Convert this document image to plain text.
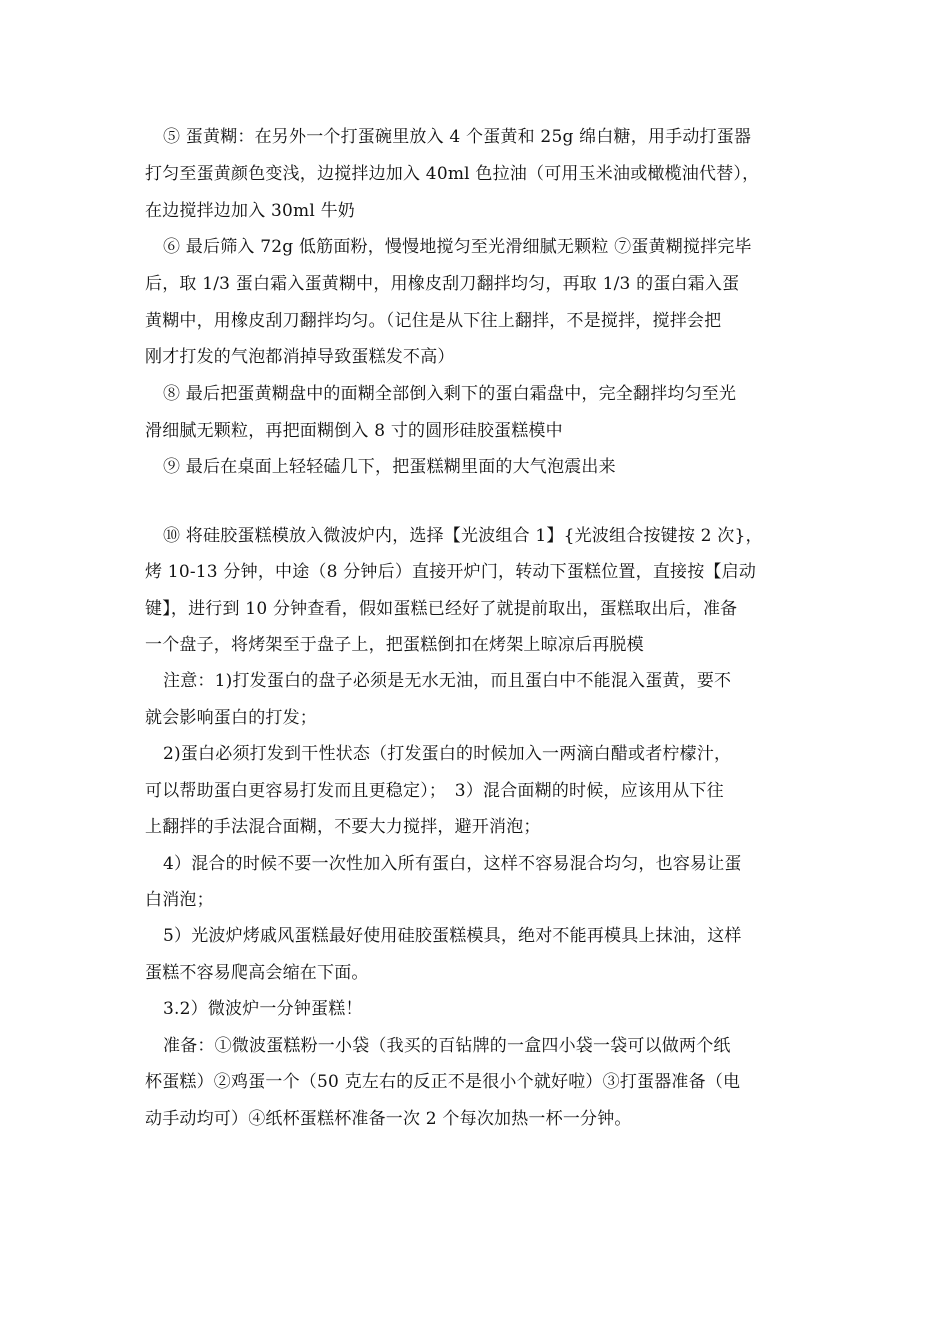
⑤ 蛋黄糊：在另外一个打蛋碗里放入 4 个蛋黄和 25g 绵白糖，用手动打蛋器
打匀至蛋黄颜色变浅，边搅拌边加入 40ml 色拉油（可用玉米油或橄榄油代替），
在边搅拌边加入 30ml 牛奶
⑥ 最后筛入 72g 低筋面粉，慢慢地搅匀至光滑细腻无颗粒 ⑦蛋黄糊搅拌完毕
后，取 1/3 蛋白霜入蛋黄糊中，用橡皮刮刀翻拌均匀，再取 1/3 的蛋白霜入蛋
黄糊中，用橡皮刮刀翻拌均匀。（记住是从下往上翻拌，不是搅拌，搅拌会把
刚才打发的气泡都消掉导致蛋糕发不高）
⑧ 最后把蛋黄糊盘中的面糊全部倒入剩下的蛋白霜盘中，完全翻拌均匀至光
滑细腻无颗粒，再把面糊倒入 8 寸的圆形硅胶蛋糕模中
⑨ 最后在桌面上轻轻磕几下，把蛋糕糊里面的大气泡震出来
⑩ 将硅胶蛋糕模放入微波炉内，选择【光波组合 1】{光波组合按键按 2 次}，
烤 10-13 分钟，中途（8 分钟后）直接开炉门，转动下蛋糕位置，直接按【启动
键】，进行到 10 分钟查看，假如蛋糕已经好了就提前取出，蛋糕取出后，准备
一个盘子，将烤架至于盘子上，把蛋糕倒扣在烤架上晾凉后再脱模
注意：1)打发蛋白的盘子必须是无水无油，而且蛋白中不能混入蛋黄，要不
就会影响蛋白的打发；
2)蛋白必须打发到干性状态（打发蛋白的时候加入一两滴白醋或者柠檬汁，
可以帮助蛋白更容易打发而且更稳定）；　3）混合面糊的时候，应该用从下往
上翻拌的手法混合面糊，不要大力搅拌，避开消泡；
4）混合的时候不要一次性加入所有蛋白，这样不容易混合均匀，也容易让蛋
白消泡；
5）光波炉烤戚风蛋糕最好使用硅胶蛋糕模具，绝对不能再模具上抹油，这样
蛋糕不容易爬高会缩在下面。
3.2）微波炉一分钟蛋糕！
准备：①微波蛋糕粉一小袋（我买的百钻牌的一盒四小袋一袋可以做两个纸
杯蛋糕）②鸡蛋一个（50 克左右的反正不是很小个就好啦）③打蛋器准备（电
动手动均可）④纸杯蛋糕杯准备一次 2 个每次加热一杯一分钟。
